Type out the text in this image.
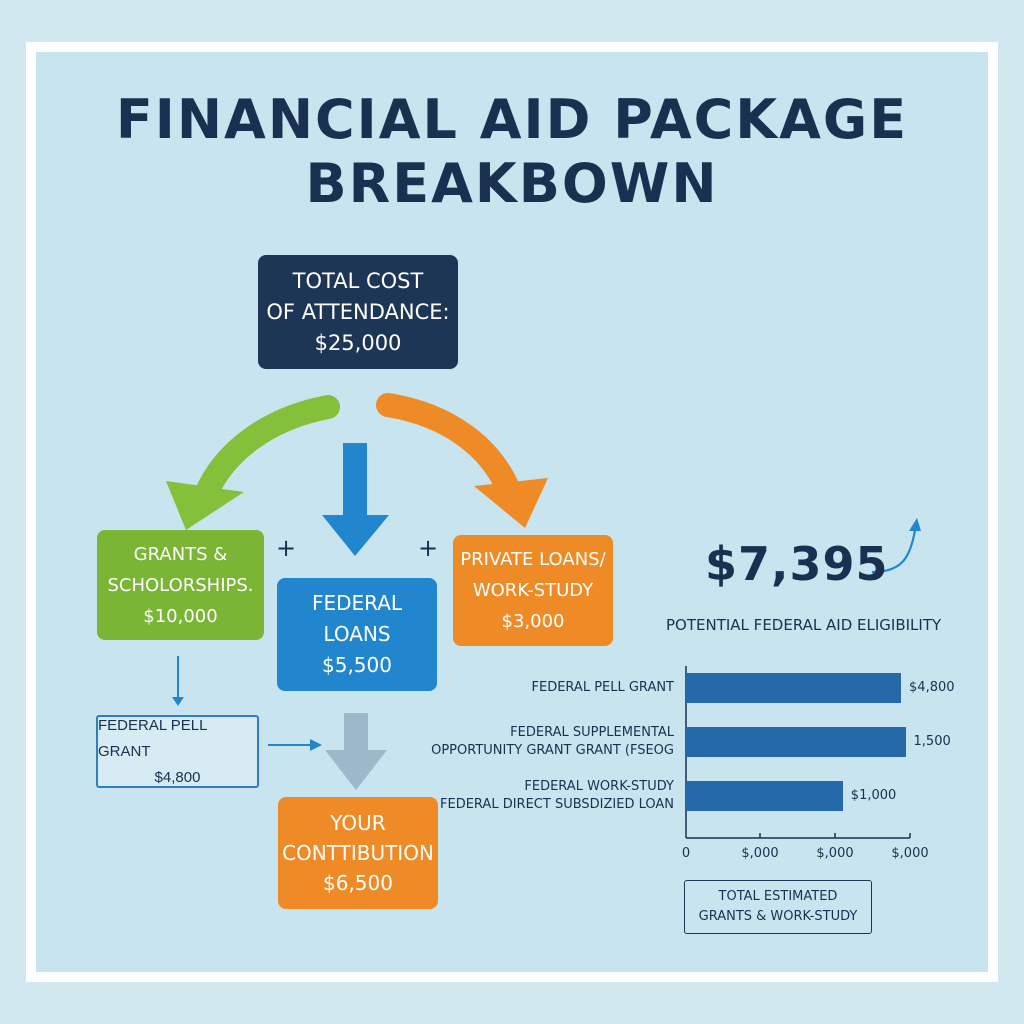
FINANCIAL AID PACKAGE
BREAKBOWN
TOTAL COST
OF ATTENDANCE:
$25,000
GRANTS &
SCHOLORSHIPS.
$10,000
+	+
FEDERAL
LOANS
$5,500
PRIVATE LOANS/
WORK-STUDY
$3,000
FEDERAL PELL GRANT
$4,800
YOUR
CONTTIBUTION
$6,500
$7,395
POTENTIAL FEDERAL AID ELIGIBILITY
$4,800
FEDERAL PELL GRANT
1,500
FEDERAL SUPPLEMENTAL
OPPORTUNITY GRANT GRANT (FSEOG
$1,000
FEDERAL WORK-STUDY
FEDERAL DIRECT SUBSDIZIED LOAN
0	$,000	$,000	$,000
TOTAL ESTIMATED
GRANTS & WORK-STUDY
